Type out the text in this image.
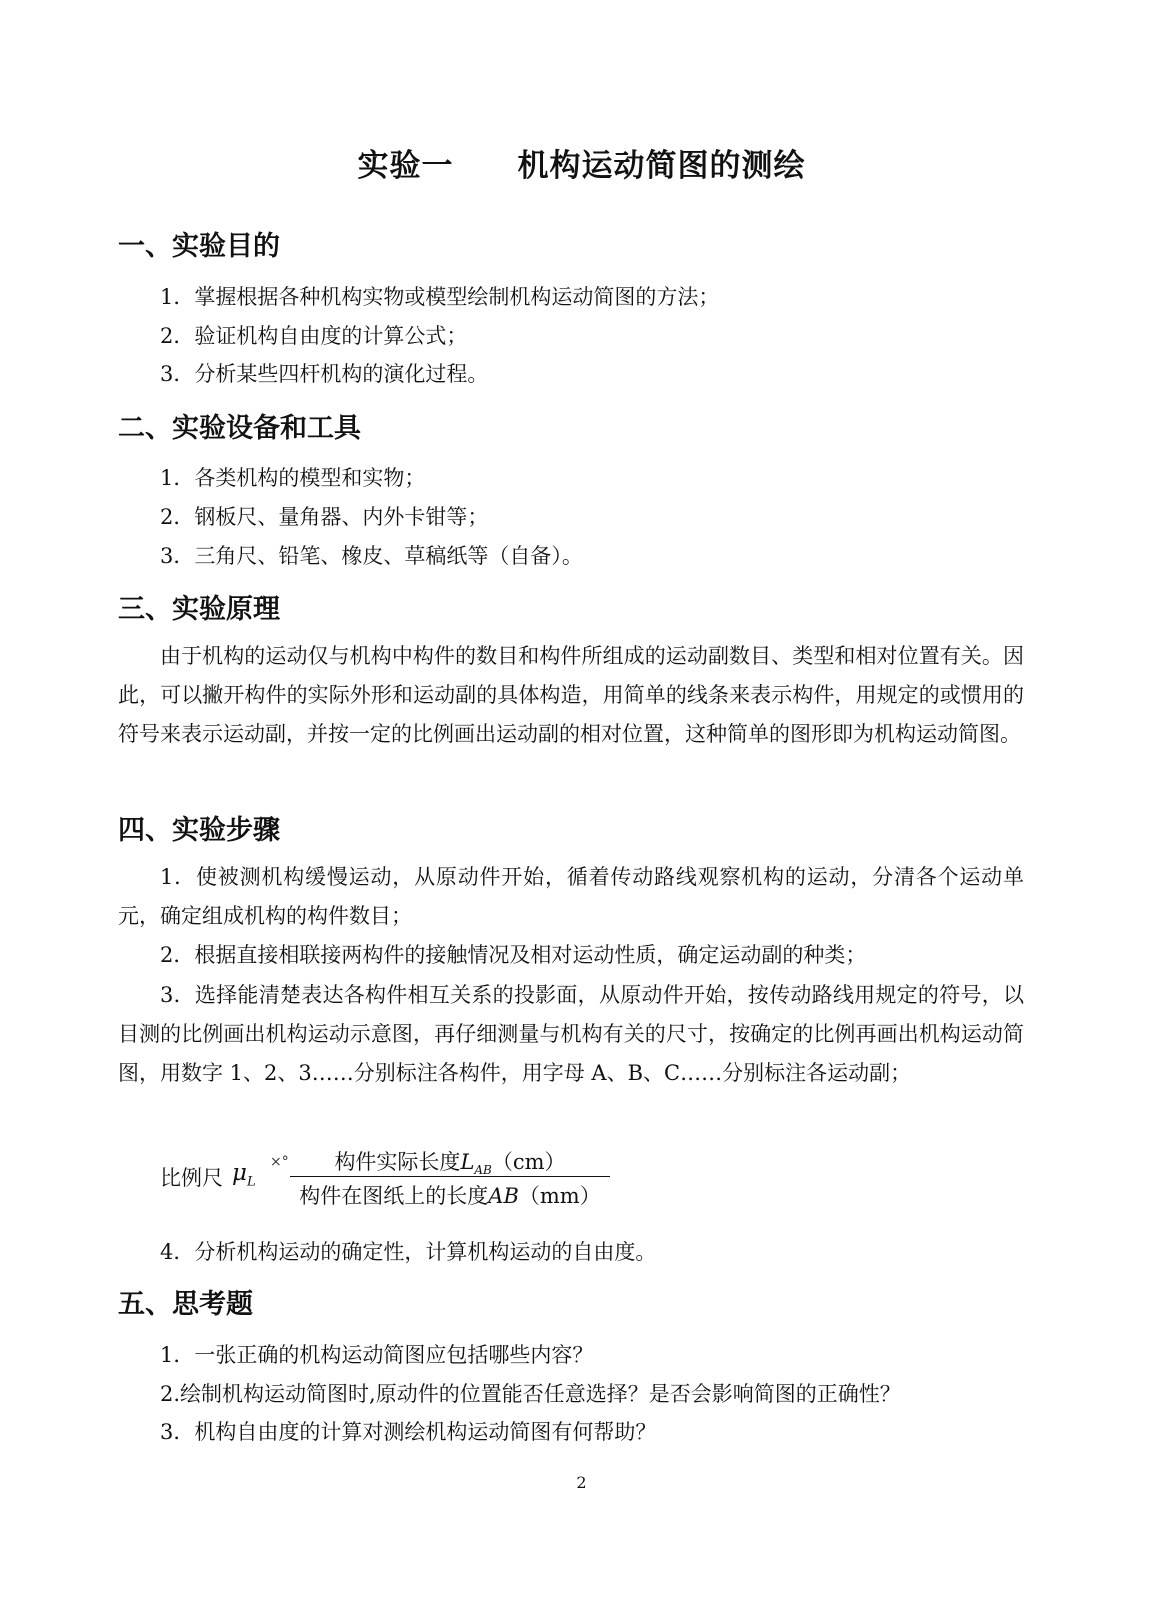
实验一 机构运动简图的测绘
一、实验目的
1．掌握根据各种机构实物或模型绘制机构运动简图的方法；
2．验证机构自由度的计算公式；
3．分析某些四杆机构的演化过程。
二、实验设备和工具
1．各类机构的模型和实物；
2．钢板尺、量角器、内外卡钳等；
3．三角尺、铅笔、橡皮、草稿纸等（自备）。
三、实验原理

由于机构的运动仅与机构中构件的数目和构件所组成的运动副数目、类型和相对位置有关。因此，可以撇开构件的实际外形和运动副的具体构造，用简单的线条来表示构件，用规定的或惯用的符号来表示运动副，并按一定的比例画出运动副的相对位置，这种简单的图形即为机构运动简图。

四、实验步骤

1．使被测机构缓慢运动，从原动件开始，循着传动路线观察机构的运动，分清各个运动单元，确定组成机构的构件数目；

2．根据直接相联接两构件的接触情况及相对运动性质，确定运动副的种类；

3．选择能清楚表达各构件相互关系的投影面，从原动件开始，按传动路线用规定的符号，以目测的比例画出机构运动示意图，再仔细测量与机构有关的尺寸，按确定的比例再画出机构运动简图，用数字 1、2、3……分别标注各构件，用字母 A、B、C……分别标注各运动副；

比例尺 $\mu_L$
×°	构件实际长度$L_{AB}(cm)$
构件在图纸上的长度AB（mm）
4．分析机构运动的确定性，计算机构运动的自由度。
五、思考题
1．一张正确的机构运动简图应包括哪些内容？
2.绘制机构运动简图时,原动件的位置能否任意选择？是否会影响简图的正确性？
3．机构自由度的计算对测绘机构运动简图有何帮助？
2
